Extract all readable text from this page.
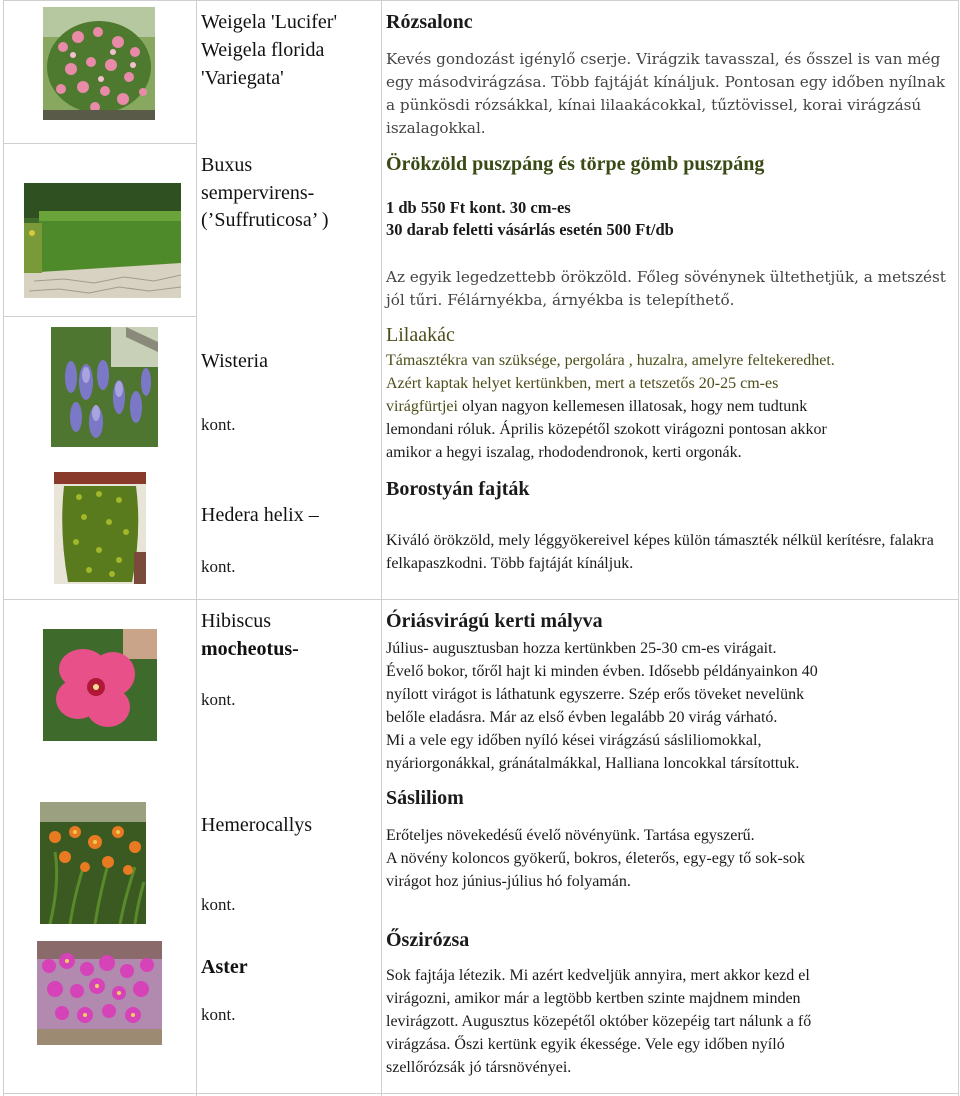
Weigela 'Lucifer'
Weigela florida
'Variegata'
Rózsalonc

Kevés gondozást igénylő cserje. Virágzik tavasszal, és ősszel is van még egy másodvirágzása. Több fajtáját kínáljuk. Pontosan egy időben nyílnak a pünkösdi rózsákkal, kínai lilaakácokkal, tűztövissel, korai virágzású iszalagokkal.

Buxus
sempervirens-
(’Suffruticosa’ )
Örökzöld puszpáng és törpe gömb puszpáng
1 db 550 Ft kont. 30 cm-es
30 darab feletti vásárlás esetén 500 Ft/db

Az egyik legedzettebb örökzöld. Főleg sövénynek ültethetjük, a metszést jól tűri. Félárnyékba, árnyékba is telepíthető.

Wisteria
kont.
Lilaakác
Támasztékra van szüksége, pergolára , huzalra, amelyre feltekeredhet.
Azért kaptak helyet kertünkben, mert a tetszetős 20-25 cm-es
virágfürtjei olyan nagyon kellemesen illatosak, hogy nem tudtunk
lemondani róluk. Április közepétől szokott virágozni pontosan akkor
amikor a hegyi iszalag, rhododendronok, kerti orgonák.
Hedera helix –
kont.
Borostyán fajták

Kiváló örökzöld, mely léggyökereivel képes külön támaszték nélkül kerítésre, falakra felkapaszkodni. Több fajtáját kínáljuk.

Hibiscus
mocheotus-
kont.
Óriásvirágú kerti mályva
Július- augusztusban hozza kertünkben 25-30 cm-es virágait.
Évelő bokor, tőről hajt ki minden évben. Idősebb példányainkon 40
nyílott virágot is láthatunk egyszerre. Szép erős töveket nevelünk
belőle eladásra. Már az első évben legalább 20 virág várható.
Mi a vele egy időben nyíló kései virágzású sásliliomokkal,
nyáriorgonákkal, gránátalmákkal, Halliana loncokkal társítottuk.
Hemerocallys
kont.
Sásliliom
Erőteljes növekedésű évelő növényünk. Tartása egyszerű.
A növény koloncos gyökerű, bokros, életerős, egy-egy tő sok-sok
virágot hoz június-július hó folyamán.
Aster
kont.
Őszirózsa
Sok fajtája létezik. Mi azért kedveljük annyira, mert akkor kezd el
virágozni, amikor már a legtöbb kertben szinte majdnem minden
levirágzott. Augusztus közepétől október közepéig tart nálunk a fő
virágzása. Őszi kertünk egyik ékessége. Vele egy időben nyíló
szellőrózsák jó társnövényei.
